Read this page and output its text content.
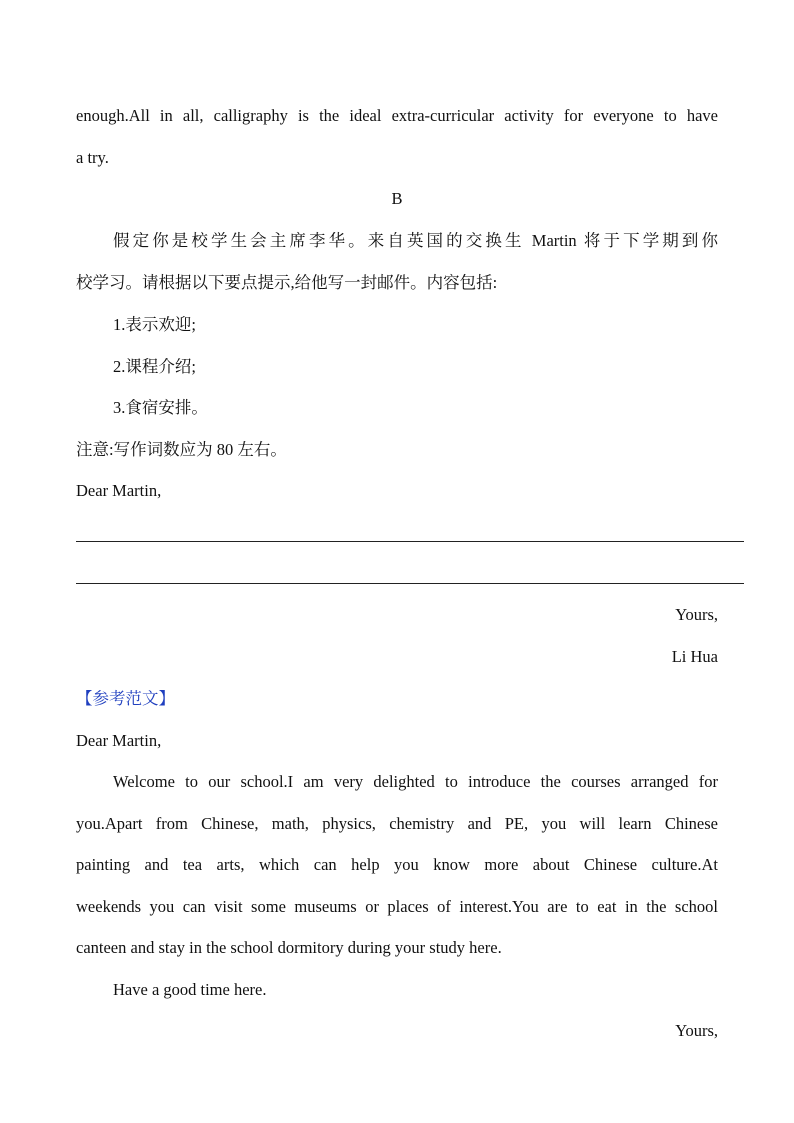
enough.All in all, calligraphy is the ideal extra-curricular activity for everyone to have
a try.
B
假定你是校学生会主席李华。来自英国的交换生 Martin 将于下学期到你
校学习。请根据以下要点提示,给他写一封邮件。内容包括:
1.表示欢迎;
2.课程介绍;
3.食宿安排。
注意:写作词数应为 80 左右。
Dear Martin,
Yours,
Li Hua
【参考范文】
Dear Martin,
Welcome to our school.I am very delighted to introduce the courses arranged for
you.Apart from Chinese, math, physics, chemistry and PE, you will learn Chinese
painting and tea arts, which can help you know more about Chinese culture.At
weekends you can visit some museums or places of interest.You are to eat in the school
canteen and stay in the school dormitory during your study here.
Have a good time here.
Yours,
